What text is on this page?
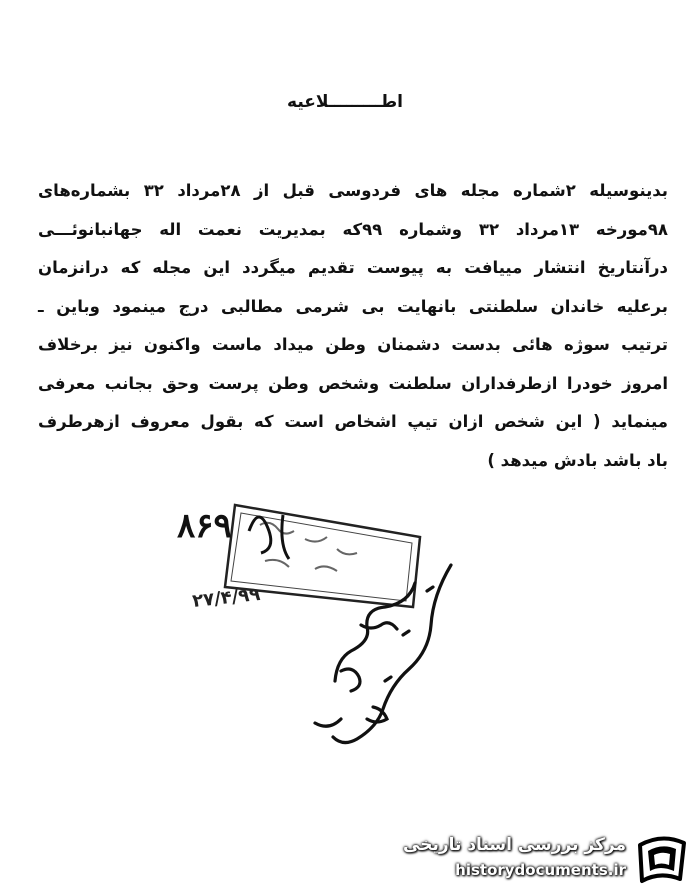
اطـــــــــلاعیه
بدینوسیله ۲شماره مجله های فردوسی قبل از ۲۸مرداد ۳۲ بشماره‌های
۹۸مورخه ۱۳مرداد ۳۲ وشماره ۹۹که بمدیریت نعمت اله جهانبانوئـــی
درآنتاریخ انتشار مییافت به پیوست تقدیم میگردد این مجله که درانزمان
برعلیه خاندان سلطنتی بانهایت بی شرمی مطالبی درج مینمود وباین ـ
ترتیب سوژه هائی بدست دشمنان وطن میداد ماست واکنون نیز برخلاف
امروز خودرا ازطرفداران سلطنت وشخص وطن پرست وحق بجانب معرفی
مینماید ( این شخص ازان تیپ اشخاص است که بقول معروف ازهرطرف
باد باشد بادش میدهد )
۸۶۹
۲۷/۴/۹۹
مرکز بررسی اسناد تاریخی
historydocuments.ir
